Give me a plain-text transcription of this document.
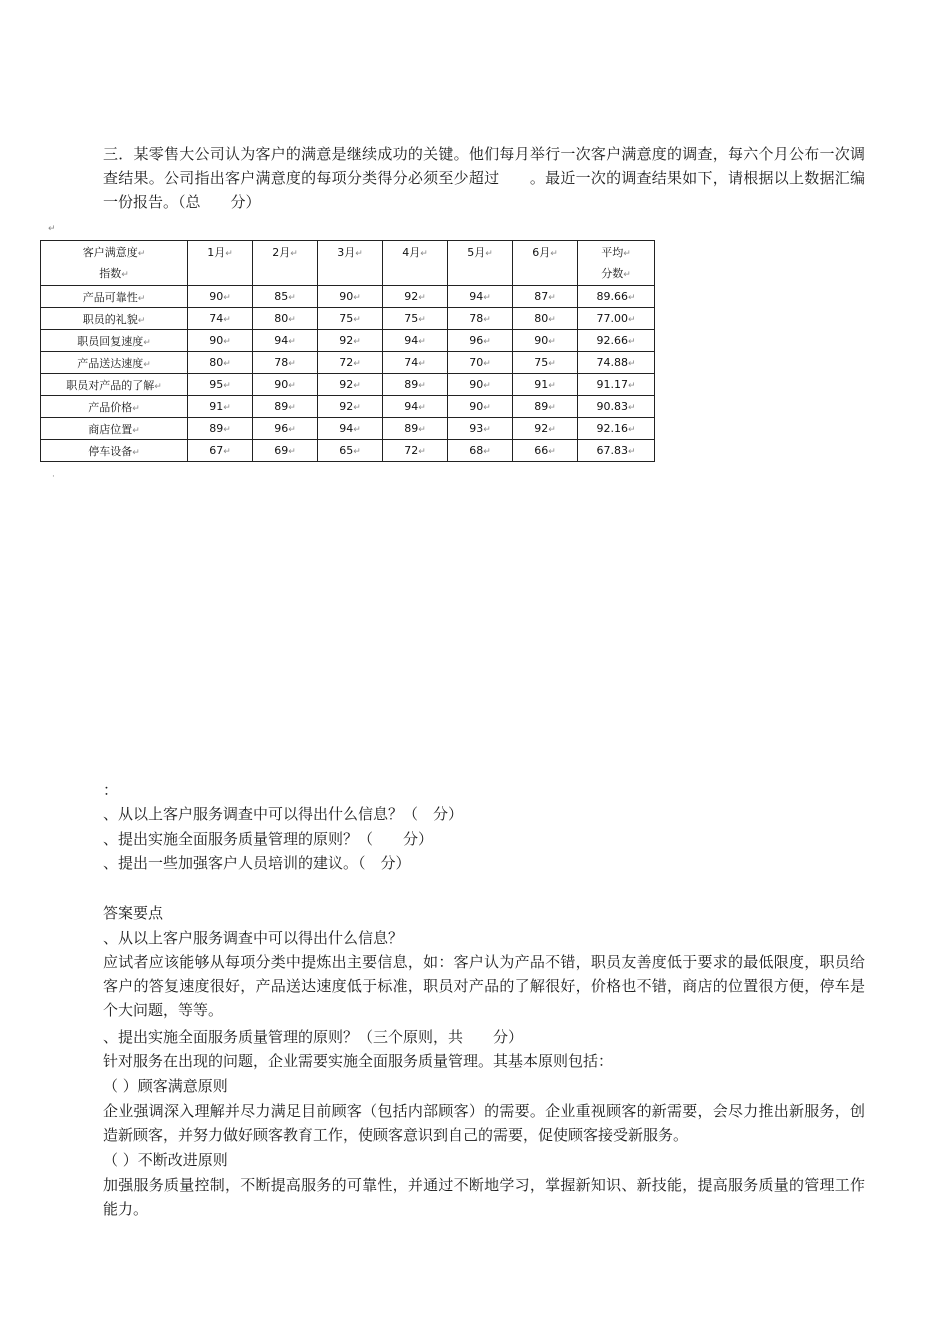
三．某零售大公司认为客户的满意是继续成功的关键。他们每月举行一次客户满意度的调查，每六个月公布一次调查结果。公司指出客户满意度的每项分类得分必须至少超过　　。最近一次的调查结果如下，请根据以上数据汇编一份报告。（总　　分）

↵
客户满意度↵
指数↵	1月↵	2月↵	3月↵	4月↵	5月↵	6月↵	平均↵
分数↵
产品可靠性↵	90↵	85↵	90↵	92↵	94↵	87↵	89.66↵
职员的礼貌↵	74↵	80↵	75↵	75↵	78↵	80↵	77.00↵
职员回复速度↵	90↵	94↵	92↵	94↵	96↵	90↵	92.66↵
产品送达速度↵	80↵	78↵	72↵	74↵	70↵	75↵	74.88↵
职员对产品的了解↵	95↵	90↵	92↵	89↵	90↵	91↵	91.17↵
产品价格↵	91↵	89↵	92↵	94↵	90↵	89↵	90.83↵
商店位置↵	89↵	96↵	94↵	89↵	93↵	92↵	92.16↵
停车设备↵	67↵	69↵	65↵	72↵	68↵	66↵	67.83↵
·

：

、从以上客户服务调查中可以得出什么信息？（　分）

、提出实施全面服务质量管理的原则？（　　分）

、提出一些加强客户人员培训的建议。（　分）

答案要点

、从以上客户服务调查中可以得出什么信息？

应试者应该能够从每项分类中提炼出主要信息，如：客户认为产品不错，职员友善度低于要求的最低限度，职员给客户的答复速度很好，产品送达速度低于标准，职员对产品的了解很好，价格也不错，商店的位置很方便，停车是个大问题，等等。

、提出实施全面服务质量管理的原则？（三个原则，共　　分）

针对服务在出现的问题，企业需要实施全面服务质量管理。其基本原则包括：

（ ）顾客满意原则

企业强调深入理解并尽力满足目前顾客（包括内部顾客）的需要。企业重视顾客的新需要，会尽力推出新服务，创造新顾客，并努力做好顾客教育工作，使顾客意识到自己的需要，促使顾客接受新服务。

（ ）不断改进原则

加强服务质量控制，不断提高服务的可靠性，并通过不断地学习，掌握新知识、新技能，提高服务质量的管理工作能力。
